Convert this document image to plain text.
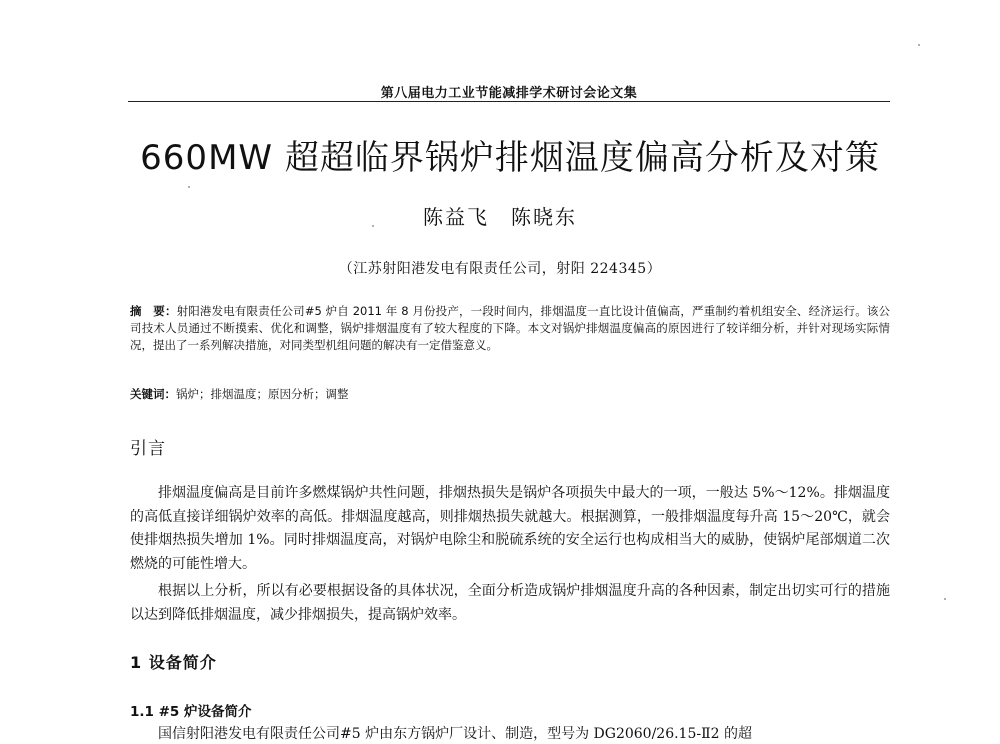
第八届电力工业节能减排学术研讨会论文集
660MW 超超临界锅炉排烟温度偏高分析及对策
陈益飞　陈晓东
（江苏射阳港发电有限责任公司，射阳 224345）
摘　要：射阳港发电有限责任公司#5 炉自 2011 年 8 月份投产，一段时间内，排烟温度一直比设计值偏高，严重制约着机组安全、经济运行。该公司技术人员通过不断摸索、优化和调整，锅炉排烟温度有了较大程度的下降。本文对锅炉排烟温度偏高的原因进行了较详细分析，并针对现场实际情况，提出了一系列解决措施，对同类型机组问题的解决有一定借鉴意义。
关键词：锅炉；排烟温度；原因分析；调整
引言

排烟温度偏高是目前许多燃煤锅炉共性问题，排烟热损失是锅炉各项损失中最大的一项，一般达 5%～12%。排烟温度的高低直接详细锅炉效率的高低。排烟温度越高，则排烟热损失就越大。根据测算，一般排烟温度每升高 15～20℃，就会使排烟热损失增加 1%。同时排烟温度高，对锅炉电除尘和脱硫系统的安全运行也构成相当大的威胁，使锅炉尾部烟道二次燃烧的可能性增大。

根据以上分析，所以有必要根据设备的具体状况，全面分析造成锅炉排烟温度升高的各种因素，制定出切实可行的措施以达到降低排烟温度，减少排烟损失，提高锅炉效率。

1 设备简介
1.1 #5 炉设备简介
国信射阳港发电有限责任公司#5 炉由东方锅炉厂设计、制造，型号为 DG2060/26.15-Ⅱ2 的超
